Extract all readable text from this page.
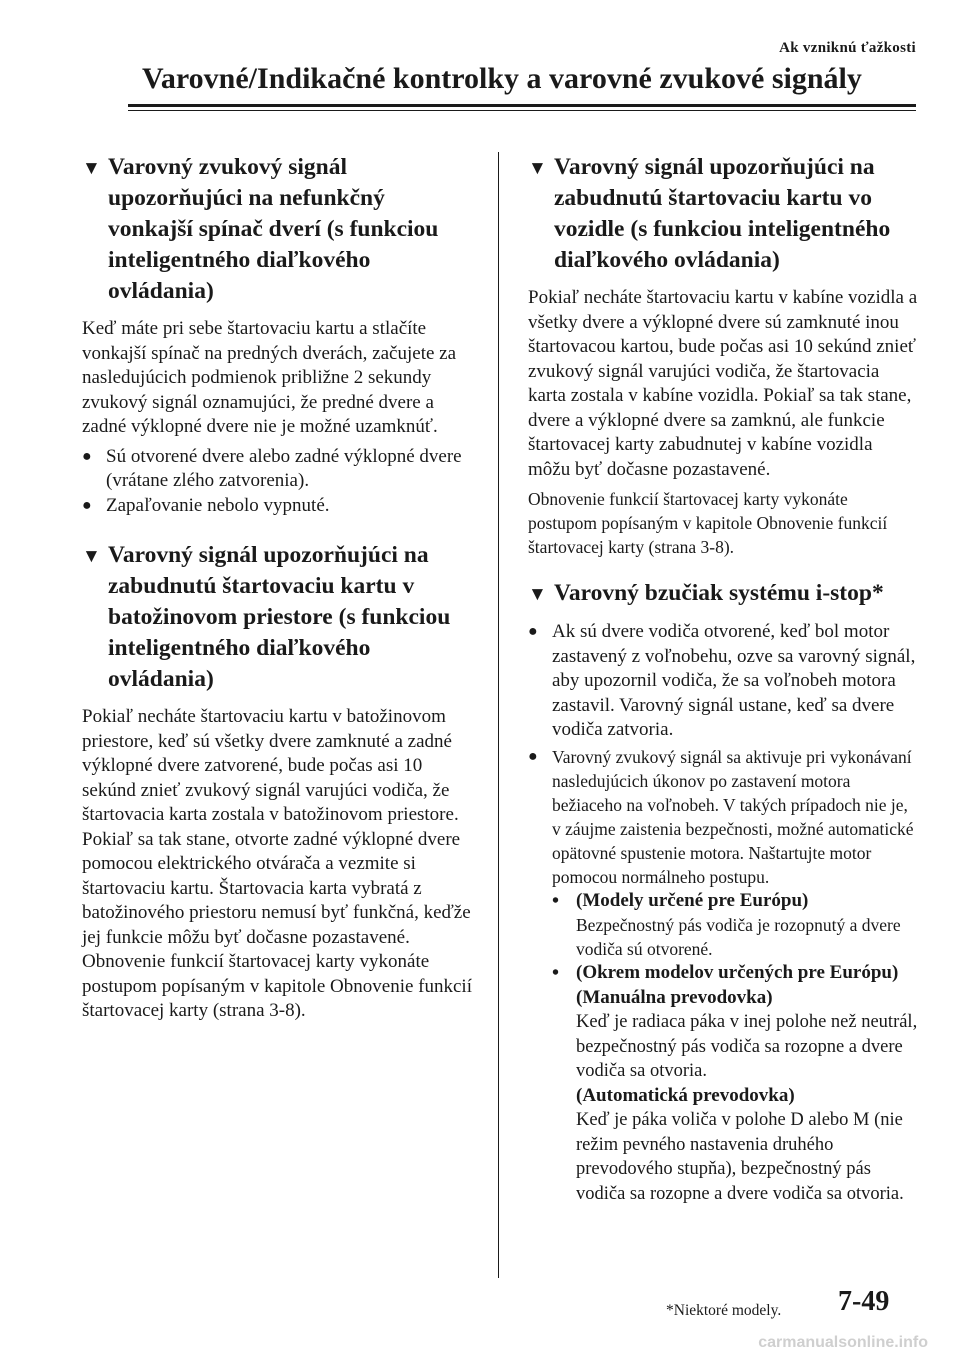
Ak vzniknú ťažkosti
Varovné/Indikačné kontrolky a varovné zvukové signály
▼ Varovný zvukový signál upozorňujúci na nefunkčný vonkajší spínač dverí (s funkciou inteligentného diaľkového ovládania)

Keď máte pri sebe štartovaciu kartu a stlačíte vonkajší spínač na predných dverách, začujete za nasledujúcich podmienok približne 2 sekundy zvukový signál oznamujúci, že predné dvere a zadné výklopné dvere nie je možné uzamknúť.

● Sú otvorené dvere alebo zadné výklopné dvere (vrátane zlého zatvorenia).
● Zapaľovanie nebolo vypnuté.
▼ Varovný signál upozorňujúci na zabudnutú štartovaciu kartu v batožinovom priestore (s funkciou inteligentného diaľkového ovládania)

Pokiaľ necháte štartovaciu kartu v batožinovom priestore, keď sú všetky dvere zamknuté a zadné výklopné dvere zatvorené, bude počas asi 10 sekúnd znieť zvukový signál varujúci vodiča, že štartovacia karta zostala v batožinovom priestore. Pokiaľ sa tak stane, otvorte zadné výklopné dvere pomocou elektrického otvárača a vezmite si štartovaciu kartu. Štartovacia karta vybratá z batožinového priestoru nemusí byť funkčná, keďže jej funkcie môžu byť dočasne pozastavené. Obnovenie funkcií štartovacej karty vykonáte postupom popísaným v kapitole Obnovenie funkcií štartovacej karty (strana 3-8).

▼ Varovný signál upozorňujúci na zabudnutú štartovaciu kartu vo vozidle (s funkciou inteligentného diaľkového ovládania)

Pokiaľ necháte štartovaciu kartu v kabíne vozidla a všetky dvere a výklopné dvere sú zamknuté inou štartovacou kartou, bude počas asi 10 sekúnd znieť zvukový signál varujúci vodiča, že štartovacia karta zostala v kabíne vozidla. Pokiaľ sa tak stane, dvere a výklopné dvere sa zamknú, ale funkcie štartovacej karty zabudnutej v kabíne vozidla môžu byť dočasne pozastavené.

Obnovenie funkcií štartovacej karty vykonáte postupom popísaným v kapitole Obnovenie funkcií štartovacej karty (strana 3-8).

▼ Varovný bzučiak systému i-stop*
● Ak sú dvere vodiča otvorené, keď bol motor zastavený z voľnobehu, ozve sa varovný signál, aby upozornil vodiča, že sa voľnobeh motora zastavil. Varovný signál ustane, keď sa dvere vodiča zatvoria.
● Varovný zvukový signál sa aktivuje pri vykonávaní nasledujúcich úkonov po zastavení motora bežiaceho na voľnobeh. V takých prípadoch nie je, v záujme zaistenia bezpečnosti, možné automatické opätovné spustenie motora. Naštartujte motor pomocou normálneho postupu.
• (Modely určené pre Európu)
Bezpečnostný pás vodiča je rozopnutý a dvere vodiča sú otvorené.
• (Okrem modelov určených pre Európu)
(Manuálna prevodovka)
Keď je radiaca páka v inej polohe než neutrál, bezpečnostný pás vodiča sa rozopne a dvere vodiča sa otvoria.
(Automatická prevodovka)
Keď je páka voliča v polohe D alebo M (nie režim pevného nastavenia druhého prevodového stupňa), bezpečnostný pás vodiča sa rozopne a dvere vodiča sa otvoria.
*Niektoré modely. 7-49
carmanualsonline.info
